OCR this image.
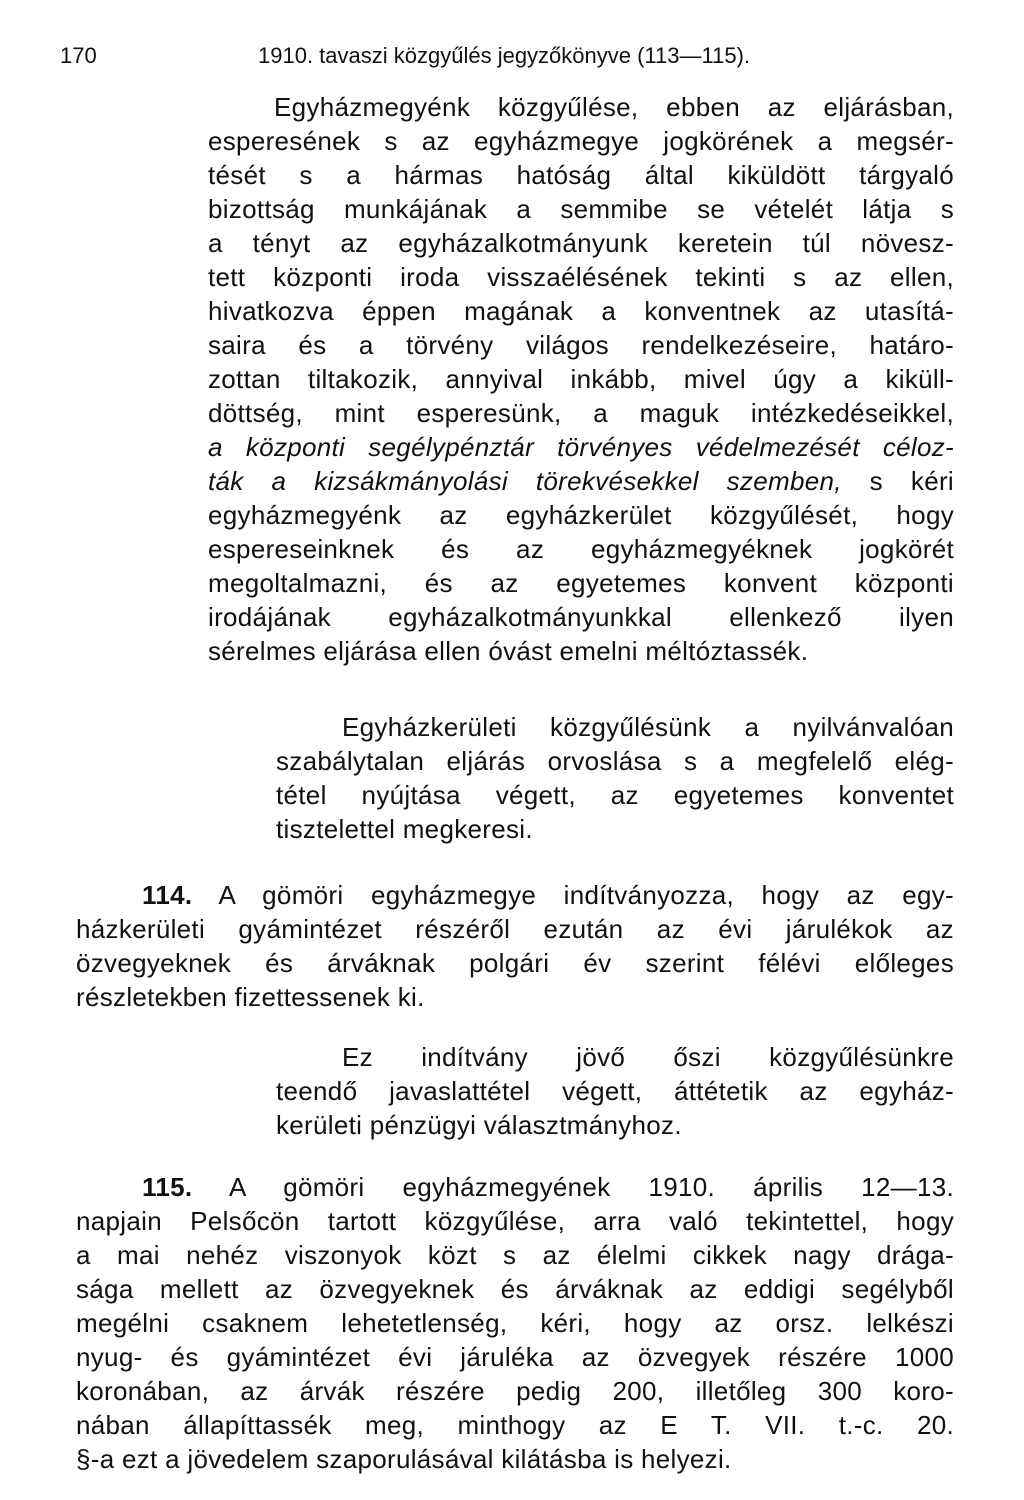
170	1910. tavaszi közgyűlés jegyzőkönyve (113—115).
Egyházmegyénk közgyűlése, ebben az eljárásban,
esperesének s az egyházmegye jogkörének a megsér-
tését s a hármas hatóság által kiküldött tárgyaló
bizottság munkájának a semmibe se vételét látja s
a tényt az egyházalkotmányunk keretein túl növesz-
tett központi iroda visszaélésének tekinti s az ellen,
hivatkozva éppen magának a konventnek az utasítá-
saira és a törvény világos rendelkezéseire, határo-
zottan tiltakozik, annyival inkább, mivel úgy a kiküll-
döttség, mint esperesünk, a maguk intézkedéseikkel,
a központi segélypénztár törvényes védelmezését céloz-
ták a kizsákmányolási törekvésekkel szemben, s kéri
egyházmegyénk az egyházkerület közgyűlését, hogy
espereseinknek és az egyházmegyéknek jogkörét
megoltalmazni, és az egyetemes konvent központi
irodájának egyházalkotmányunkkal ellenkező ilyen
sérelmes eljárása ellen óvást emelni méltóztassék.
Egyházkerületi közgyűlésünk a nyilvánvalóan
szabálytalan eljárás orvoslása s a megfelelő elég-
tétel nyújtása végett, az egyetemes konventet
tisztelettel megkeresi.
114. A gömöri egyházmegye indítványozza, hogy az egy-
házkerületi gyámintézet részéről ezután az évi járulékok az
özvegyeknek és árváknak polgári év szerint félévi előleges
részletekben fizettessenek ki.
Ez indítvány jövő őszi közgyűlésünkre
teendő javaslattétel végett, áttétetik az egyház-
kerületi pénzügyi választmányhoz.
115. A gömöri egyházmegyének 1910. április 12—13.
napjain Pelsőcön tartott közgyűlése, arra való tekintettel, hogy
a mai nehéz viszonyok közt s az élelmi cikkek nagy drága-
sága mellett az özvegyeknek és árváknak az eddigi segélyből
megélni csaknem lehetetlenség, kéri, hogy az orsz. lelkészi
nyug- és gyámintézet évi járuléka az özvegyek részére 1000
koronában, az árvák részére pedig 200, illetőleg 300 koro-
nában állapíttassék meg, minthogy az E T. VII. t.-c. 20.
§-a ezt a jövedelem szaporulásával kilátásba is helyezi.
